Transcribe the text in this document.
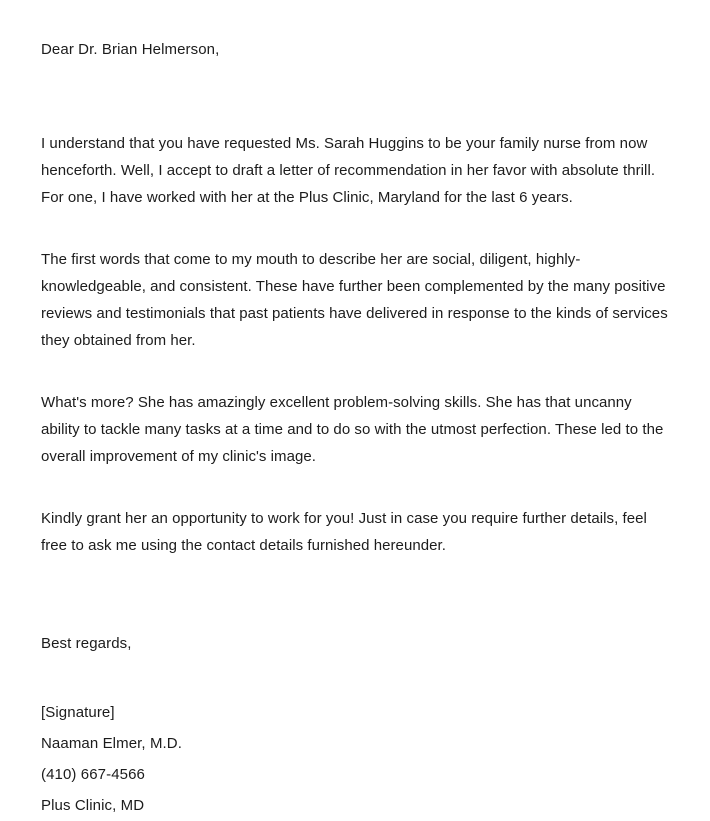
Dear Dr. Brian Helmerson,

I understand that you have requested Ms. Sarah Huggins to be your family nurse from now henceforth. Well, I accept to draft a letter of recommendation in her favor with absolute thrill. For one, I have worked with her at the Plus Clinic, Maryland for the last 6 years.

The first words that come to my mouth to describe her are social, diligent, highly-knowledgeable, and consistent. These have further been complemented by the many positive reviews and testimonials that past patients have delivered in response to the kinds of services they obtained from her.

What's more? She has amazingly excellent problem-solving skills. She has that uncanny ability to tackle many tasks at a time and to do so with the utmost perfection. These led to the overall improvement of my clinic's image.

Kindly grant her an opportunity to work for you! Just in case you require further details, feel free to ask me using the contact details furnished hereunder.

Best regards,
[Signature]
Naaman Elmer, M.D.
(410) 667-4566
Plus Clinic, MD
